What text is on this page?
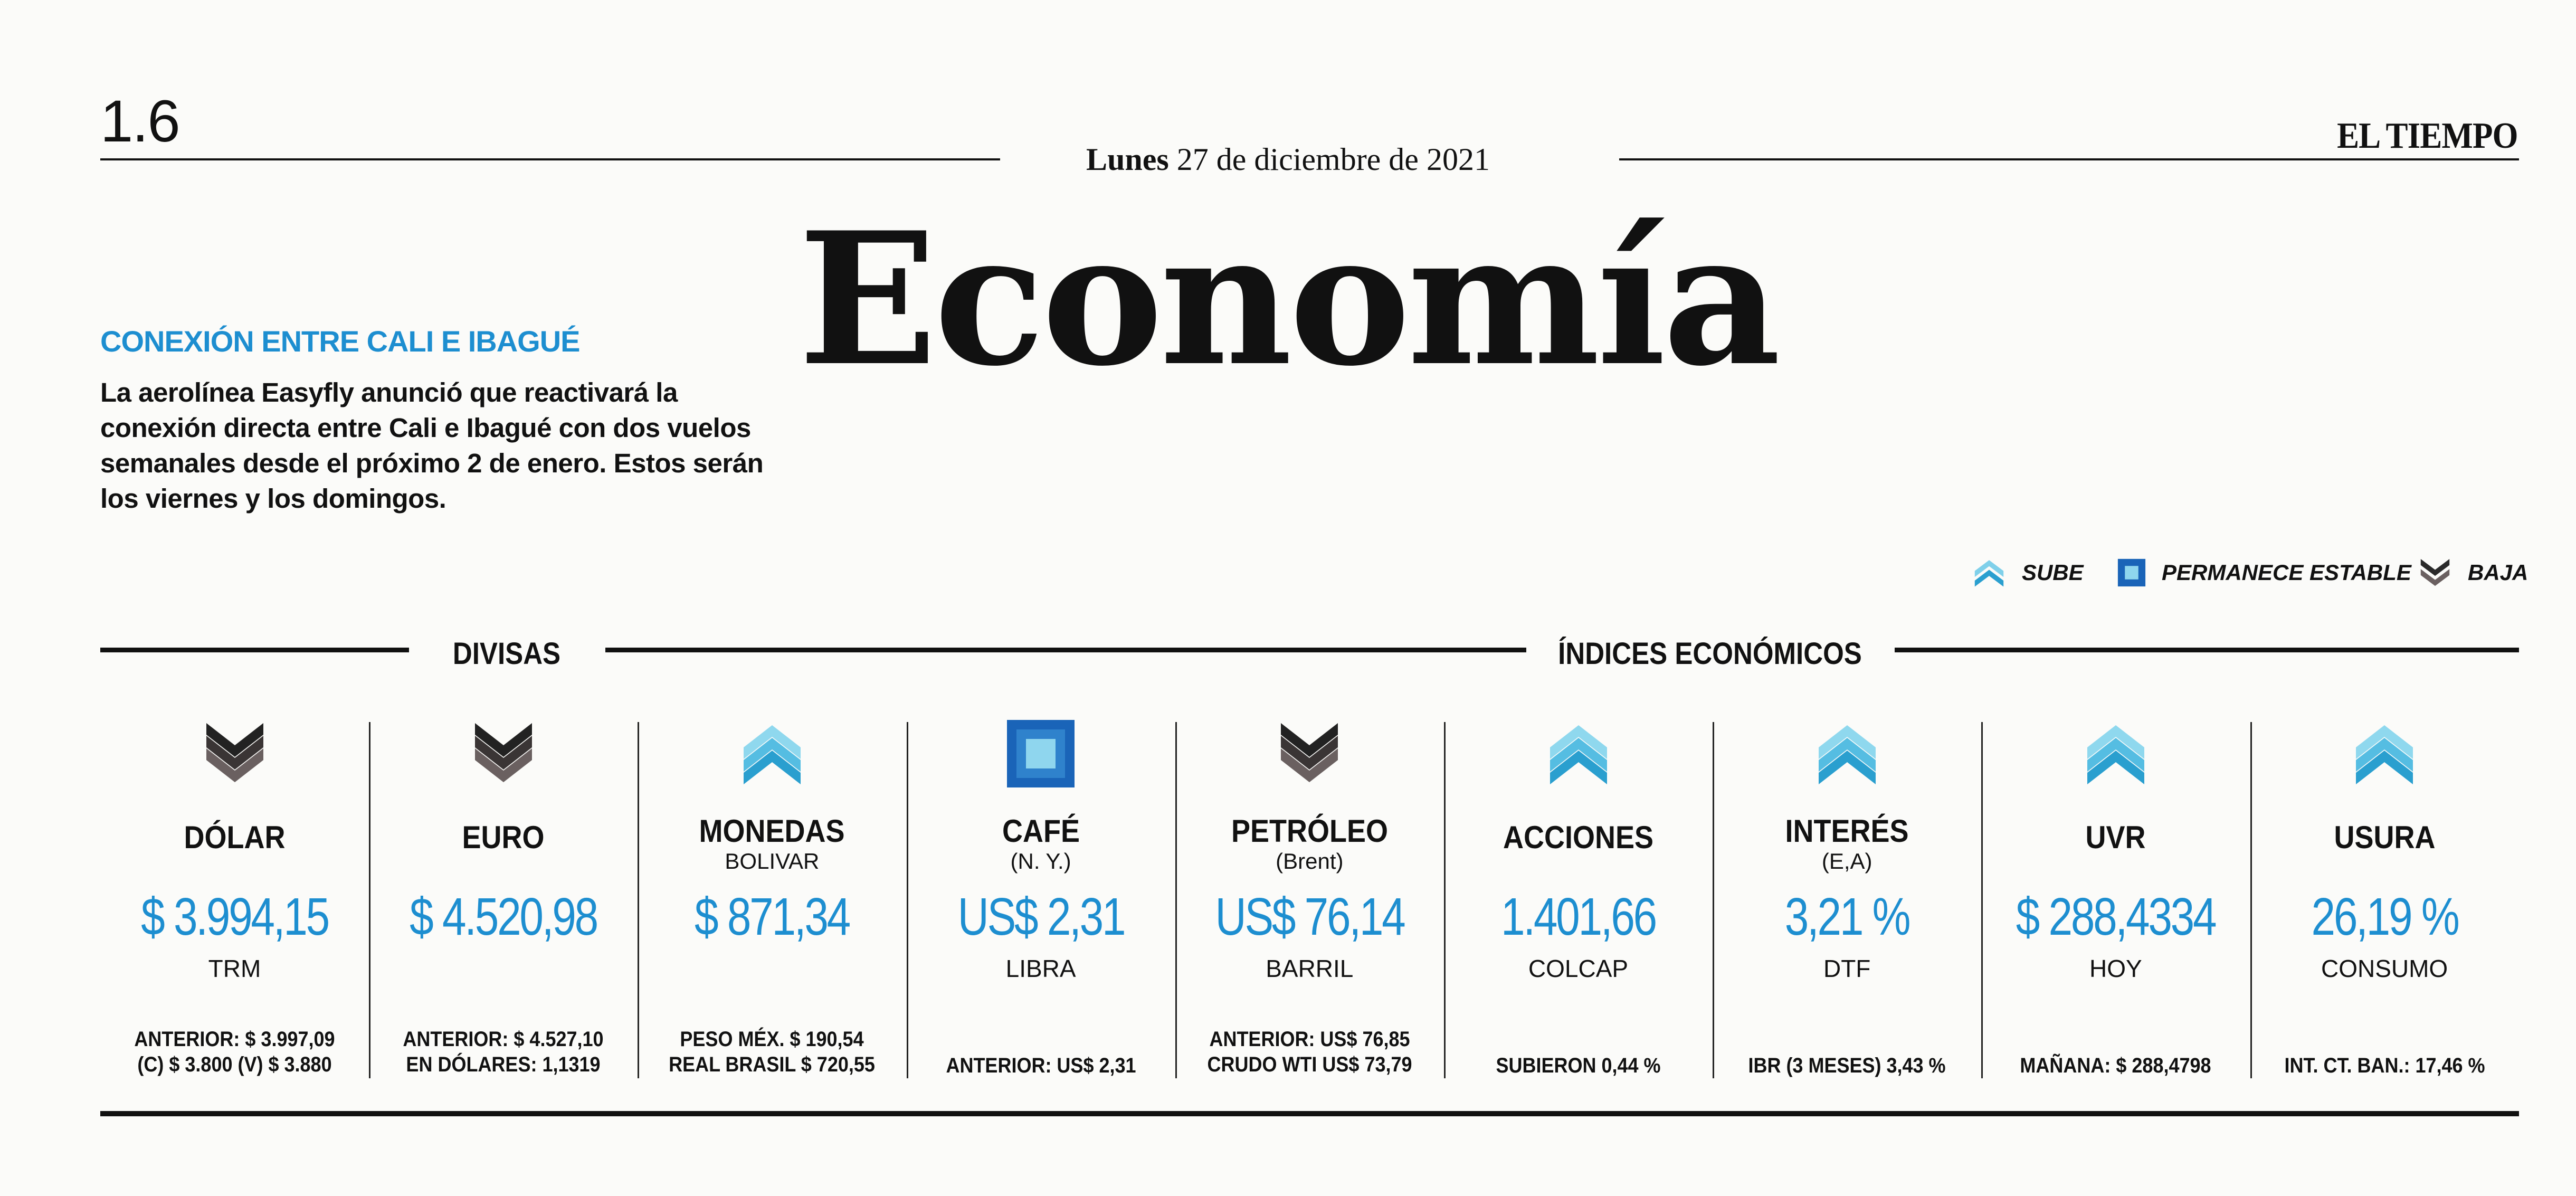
1.6
Lunes 27 de diciembre de 2021
EL TIEMPO
Economía
CONEXIÓN ENTRE CALI E IBAGUÉ
La aerolínea Easyfly anunció que reactivará la conexión directa entre Cali e Ibagué con dos vuelos semanales desde el próximo 2 de enero. Estos serán los viernes y los domingos.
SUBE	PERMANECE ESTABLE	BAJA
DIVISAS	ÍNDICES ECONÓMICOS
DÓLAR
$ 3.994,15
TRM
ANTERIOR: $ 3.997,09
(C) $ 3.800 (V) $ 3.880
EURO
$ 4.520,98
ANTERIOR: $ 4.527,10
EN DÓLARES: 1,1319
MONEDAS
BOLIVAR
$ 871,34
PESO MÉX. $ 190,54
REAL BRASIL $ 720,55
CAFÉ
(N. Y.)
US$ 2,31
LIBRA
ANTERIOR: US$ 2,31
PETRÓLEO
(Brent)
US$ 76,14
BARRIL
ANTERIOR: US$ 76,85
CRUDO WTI US$ 73,79
ACCIONES
1.401,66
COLCAP
SUBIERON 0,44 %
INTERÉS
(E,A)
3,21 %
DTF
IBR (3 MESES) 3,43 %
UVR
$ 288,4334
HOY
MAÑANA: $ 288,4798
USURA
26,19 %
CONSUMO
INT. CT. BAN.: 17,46 %
